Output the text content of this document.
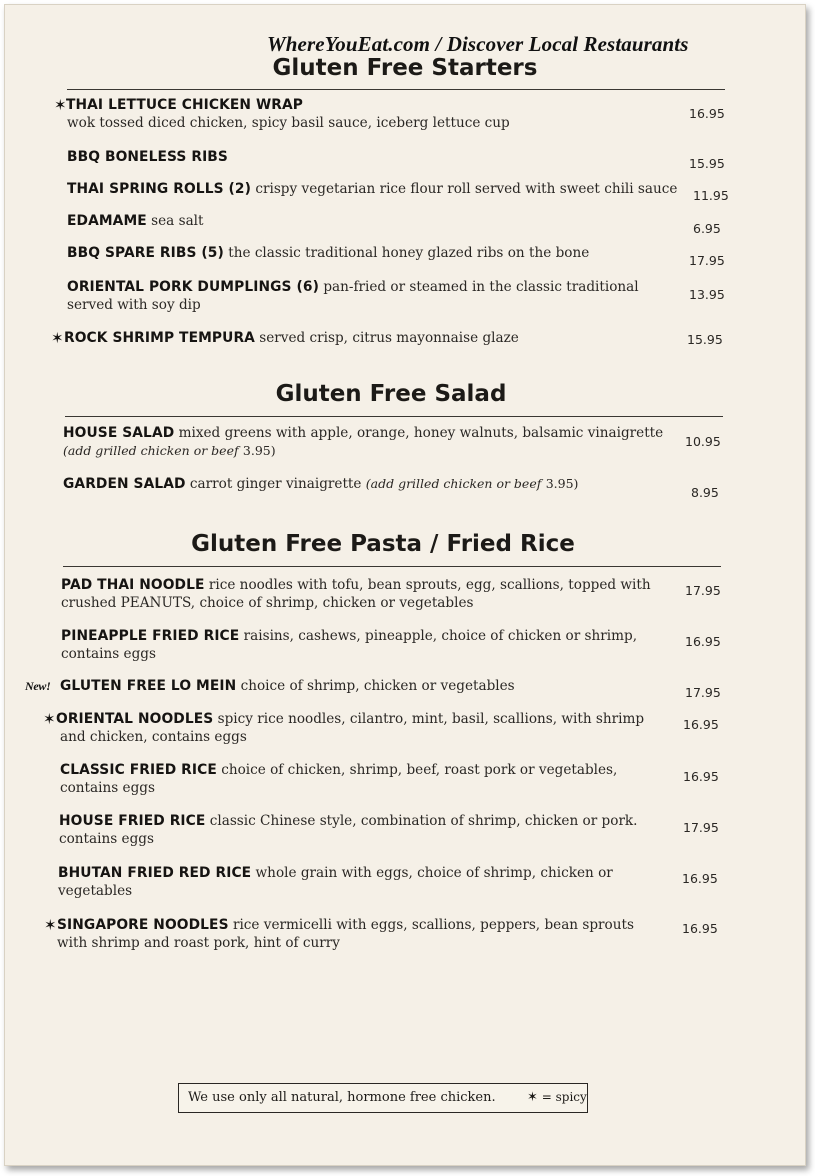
WhereYouEat.com / Discover Local Restaurants
Gluten Free Starters
✶ THAI LETTUCE CHICKEN WRAP
wok tossed diced chicken, spicy basil sauce, iceberg lettuce cup
16.95
BBQ BONELESS RIBS	15.95
THAI SPRING ROLLS (2) crispy vegetarian rice flour roll served with sweet chili sauce 11.95
EDAMAME sea salt	6.95
BBQ SPARE RIBS (5) the classic traditional honey glazed ribs on the bone	17.95
ORIENTAL PORK DUMPLINGS (6) pan-fried or steamed in the classic traditional
served with soy dip
13.95
✶ ROCK SHRIMP TEMPURA served crisp, citrus mayonnaise glaze	15.95
Gluten Free Salad
HOUSE SALAD mixed greens with apple, orange, honey walnuts, balsamic vinaigrette
(add grilled chicken or beef 3.95)
10.95
GARDEN SALAD carrot ginger vinaigrette (add grilled chicken or beef 3.95)
8.95
Gluten Free Pasta / Fried Rice
PAD THAI NOODLE rice noodles with tofu, bean sprouts, egg, scallions, topped with
crushed PEANUTS, choice of shrimp, chicken or vegetables
17.95
PINEAPPLE FRIED RICE raisins, cashews, pineapple, choice of chicken or shrimp,
contains eggs
16.95
New! GLUTEN FREE LO MEIN choice of shrimp, chicken or vegetables	17.95
✶ ORIENTAL NOODLES spicy rice noodles, cilantro, mint, basil, scallions, with shrimp
and chicken, contains eggs
16.95
CLASSIC FRIED RICE choice of chicken, shrimp, beef, roast pork or vegetables,
contains eggs
16.95
HOUSE FRIED RICE classic Chinese style, combination of shrimp, chicken or pork.
contains eggs
17.95
BHUTAN FRIED RED RICE whole grain with eggs, choice of shrimp, chicken or
vegetables
16.95
✶ SINGAPORE NOODLES rice vermicelli with eggs, scallions, peppers, bean sprouts
with shrimp and roast pork, hint of curry
16.95
We use only all natural, hormone free chicken. ✶ = spicy
